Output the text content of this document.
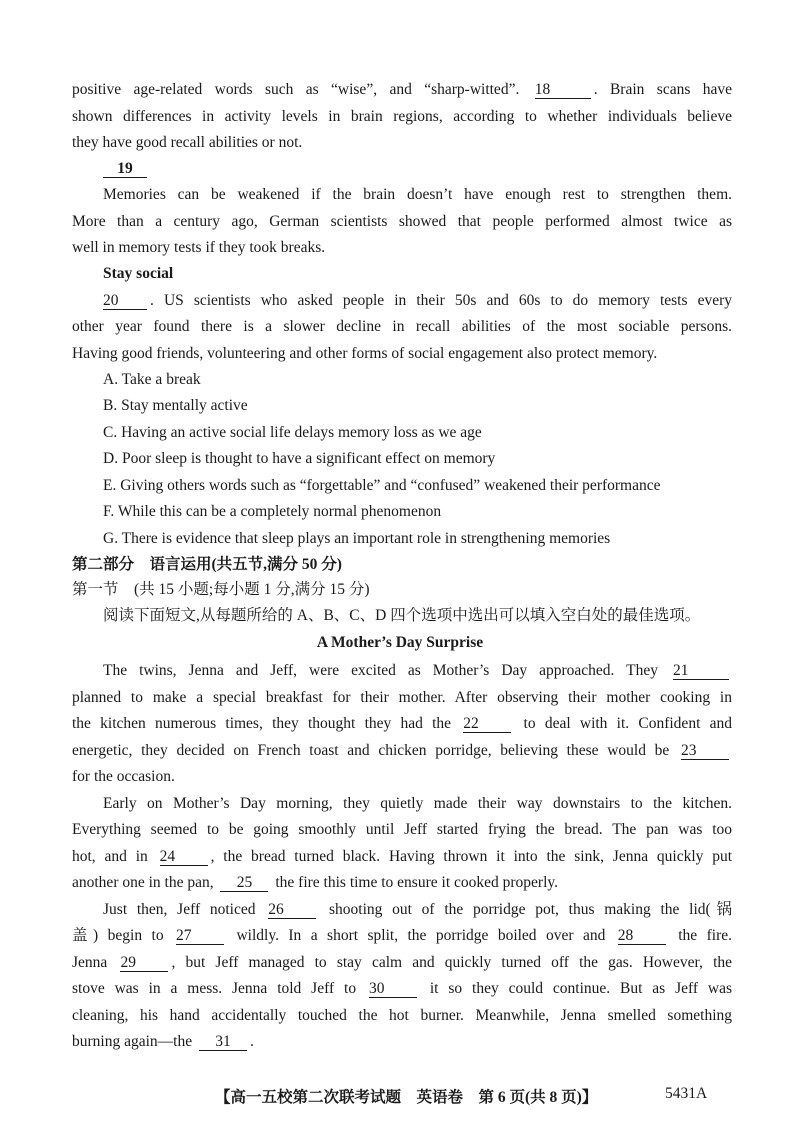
positive age-related words such as “wise”, and “sharp-witted”. 18	. Brain scans have
shown differences in activity levels in brain regions, according to whether individuals believe
they have good recall abilities or not.
19
Memories can be weakened if the brain doesn’t have enough rest to strengthen them.
More than a century ago, German scientists showed that people performed almost twice as
well in memory tests if they took breaks.
Stay social
20 . US scientists who asked people in their 50s and 60s to do memory tests every
other year found there is a slower decline in recall abilities of the most sociable persons.
Having good friends, volunteering and other forms of social engagement also protect memory.
A. Take a break
B. Stay mentally active
C. Having an active social life delays memory loss as we age
D. Poor sleep is thought to have a significant effect on memory
E. Giving others words such as “forgettable” and “confused” weakened their performance
F. While this can be a completely normal phenomenon
G. There is evidence that sleep plays an important role in strengthening memories
第二部分　语言运用(共五节,满分 50 分)
第一节　(共 15 小题;每小题 1 分,满分 15 分)
阅读下面短文,从每题所给的 A、B、C、D 四个选项中选出可以填入空白处的最佳选项。
A Mother’s Day Surprise
The twins, Jenna and Jeff, were excited as Mother’s Day approached. They 21
planned to make a special breakfast for their mother. After observing their mother cooking in
the kitchen numerous times, they thought they had the 22	to deal with it. Confident and
energetic, they decided on French toast and chicken porridge, believing these would be 23
for the occasion.
Early on Mother’s Day morning, they quietly made their way downstairs to the kitchen.
Everything seemed to be going smoothly until Jeff started frying the bread. The pan was too
hot, and in 24 , the bread turned black. Having thrown it into the sink, Jenna quickly put
another one in the pan, 25 the fire this time to ensure it cooked properly.
Just then, Jeff noticed 26	shooting out of the porridge pot, thus making the lid(锅
盖) begin to 27	wildly. In a short split, the porridge boiled over and 28	the fire.
Jenna 29 , but Jeff managed to stay calm and quickly turned off the gas. However, the
stove was in a mess. Jenna told Jeff to 30	it so they could continue. But as Jeff was
cleaning, his hand accidentally touched the hot burner. Meanwhile, Jenna smelled something
burning again—the 31 .
【高一五校第二次联考试题　英语卷　第 6 页(共 8 页)】	5431A
